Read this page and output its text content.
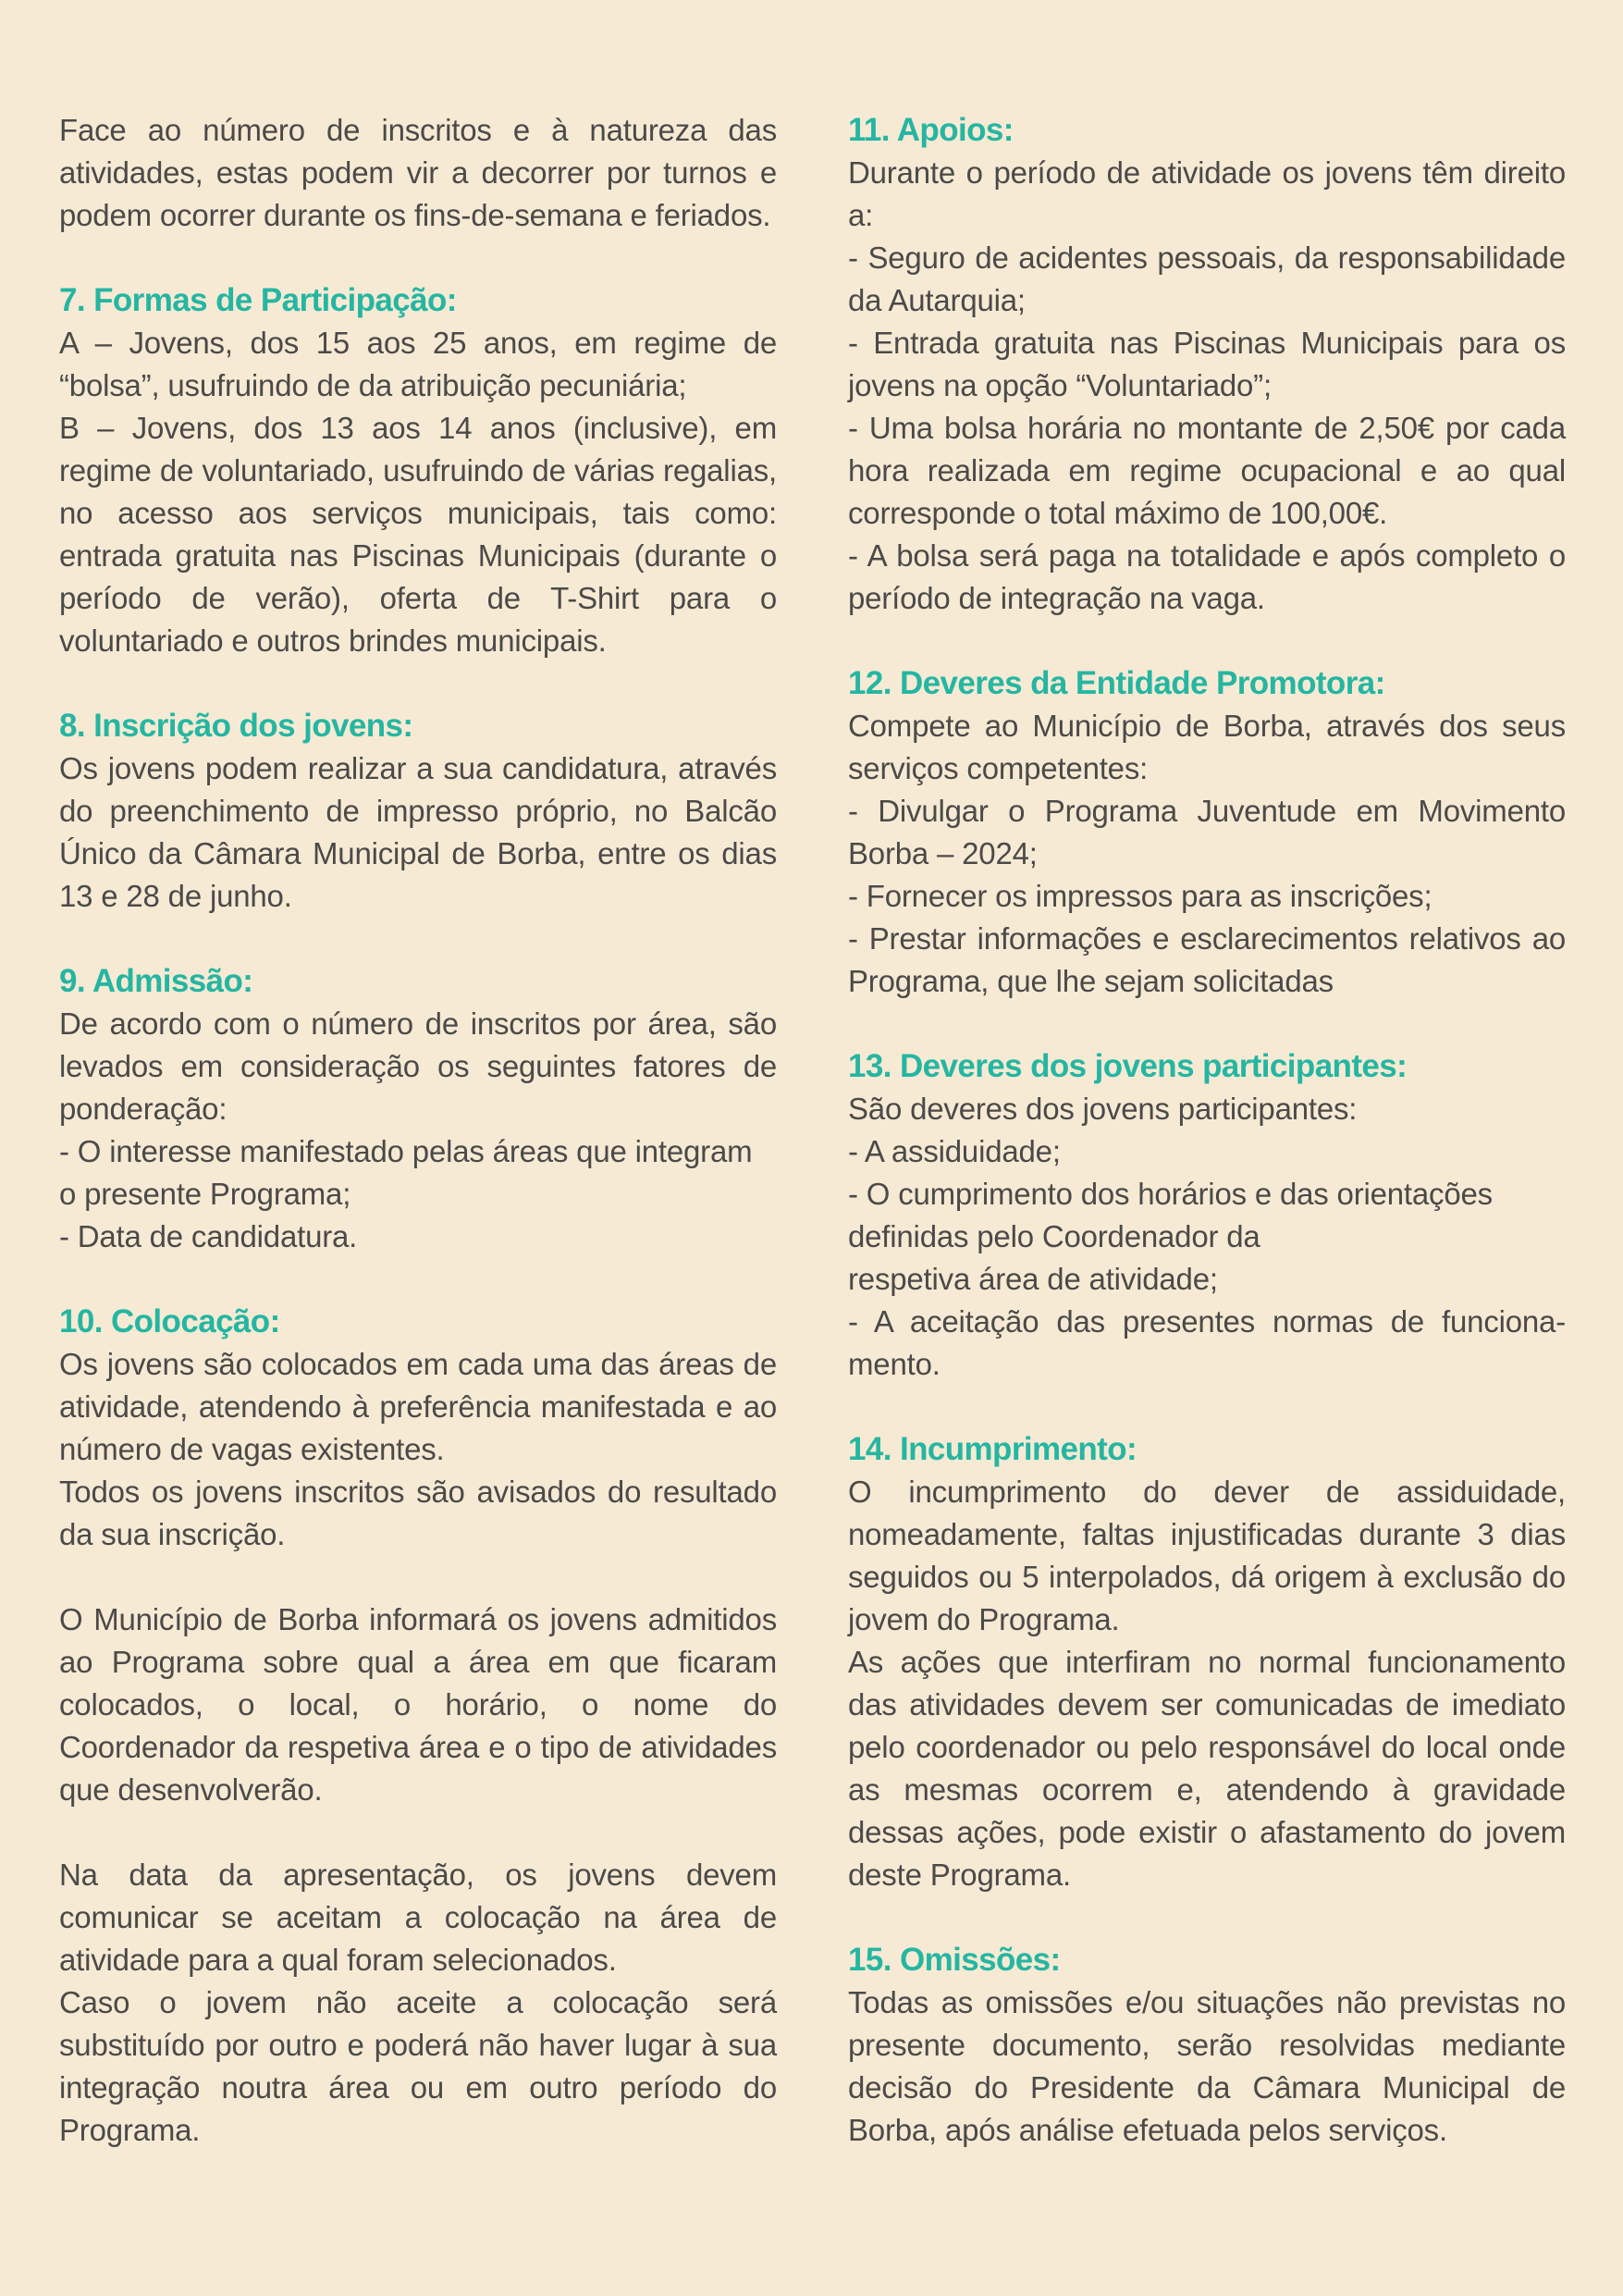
Face ao número de inscritos e à natureza das atividades, estas podem vir a decorrer por turnos e podem ocorrer durante os fins-de-semana e feriados.

7. Formas de Participação:

A – Jovens, dos 15 aos 25 anos, em regime de “bolsa”, usufruindo de da atribuição pecuniária;

B – Jovens, dos 13 aos 14 anos (inclusive), em regime de voluntariado, usufruindo de várias regalias, no acesso aos serviços municipais, tais como: entrada gratuita nas Piscinas Municipais (durante o período de verão), oferta de T-Shirt para o voluntariado e outros brindes municipais.

8. Inscrição dos jovens:

Os jovens podem realizar a sua candidatura, através do preenchimento de impresso próprio, no Balcão Único da Câmara Municipal de Borba, entre os dias 13 e 28 de junho.

9. Admissão:

De acordo com o número de inscritos por área, são levados em consideração os seguintes fatores de ponderação:

- O interesse manifestado pelas áreas que integram o presente Programa;

- Data de candidatura.

10. Colocação:

Os jovens são colocados em cada uma das áreas de atividade, atendendo à preferência manifestada e ao número de vagas existentes.

Todos os jovens inscritos são avisados do resultado da sua inscrição.

O Município de Borba informará os jovens admitidos ao Programa sobre qual a área em que ficaram colocados, o local, o horário, o nome do Coordenador da respetiva área e o tipo de atividades que desenvolverão.

Na data da apresentação, os jovens devem comunicar se aceitam a colocação na área de atividade para a qual foram selecionados.

Caso o jovem não aceite a colocação será substituído por outro e poderá não haver lugar à sua integração noutra área ou em outro período do Programa.

11. Apoios:

Durante o período de atividade os jovens têm direito a:

- Seguro de acidentes pessoais, da responsabilidade da Autarquia;

- Entrada gratuita nas Piscinas Municipais para os jovens na opção “Voluntariado”;

- Uma bolsa horária no montante de 2,50€ por cada hora realizada em regime ocupacional e ao qual corresponde o total máximo de 100,00€.

- A bolsa será paga na totalidade e após completo o período de integração na vaga.

12. Deveres da Entidade Promotora:

Compete ao Município de Borba, através dos seus serviços competentes:

- Divulgar o Programa Juventude em Movimento Borba – 2024;

- Fornecer os impressos para as inscrições;

- Prestar informações e esclarecimentos relativos ao Programa, que lhe sejam solicitadas

13. Deveres dos jovens participantes:

São deveres dos jovens participantes:

- A assiduidade;

- O cumprimento dos horários e das orientações definidas pelo Coordenador da

respetiva área de atividade;

- A aceitação das presentes normas de funciona-mento.

14. Incumprimento:

O incumprimento do dever de assiduidade, nomeadamente, faltas injustificadas durante 3 dias seguidos ou 5 interpolados, dá origem à exclusão do jovem do Programa.

As ações que interfiram no normal funcionamento das atividades devem ser comunicadas de imediato pelo coordenador ou pelo responsável do local onde as mesmas ocorrem e, atendendo à gravidade dessas ações, pode existir o afastamento do jovem deste Programa.

15. Omissões:

Todas as omissões e/ou situações não previstas no presente documento, serão resolvidas mediante decisão do Presidente da Câmara Municipal de Borba, após análise efetuada pelos serviços.
